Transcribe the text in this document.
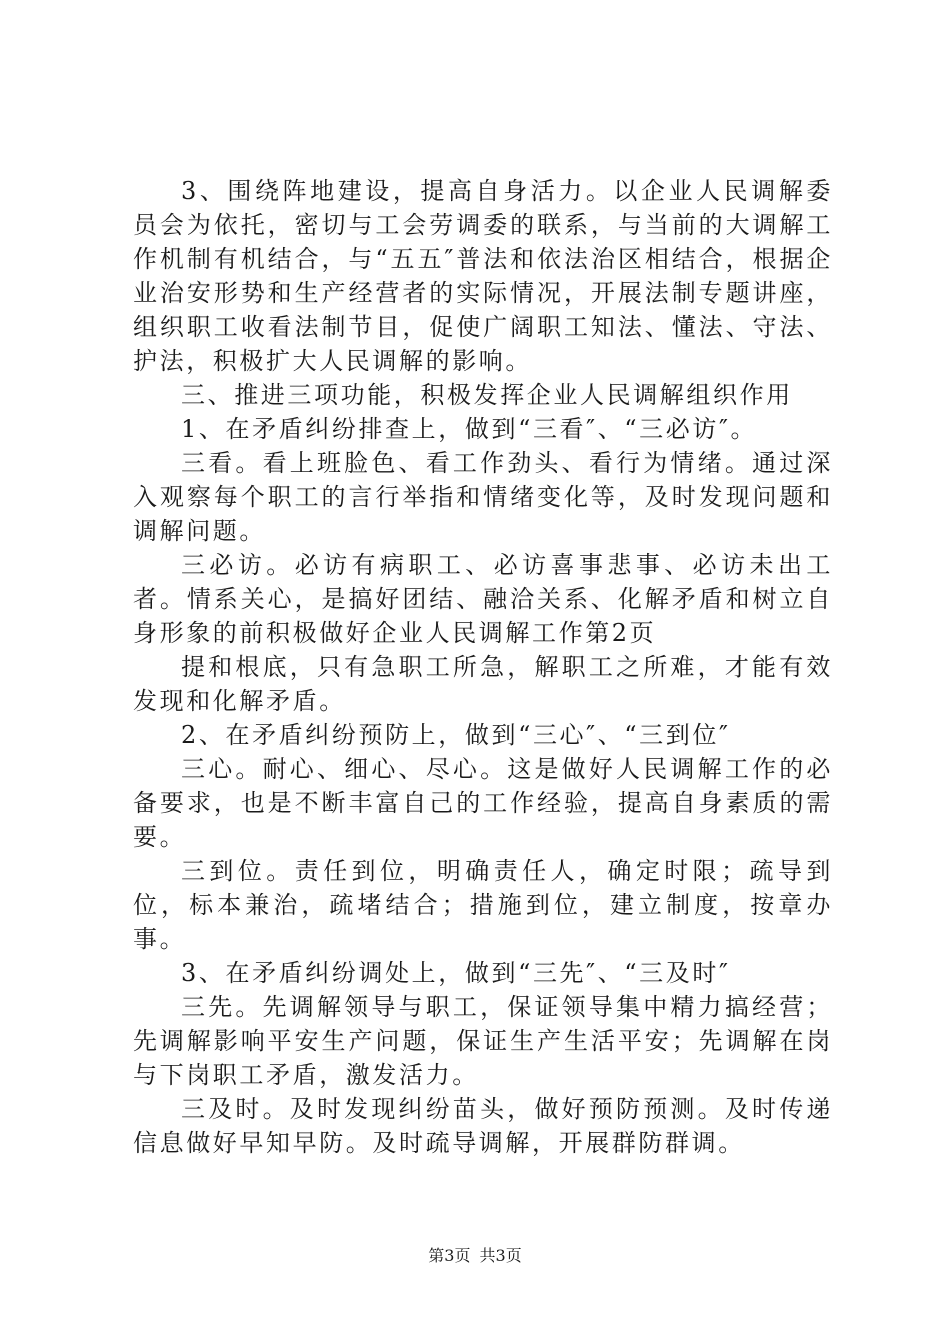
3、围绕阵地建设，提高自身活力。以企业人民调解委员会为依托，密切与工会劳调委的联系，与当前的大调解工作机制有机结合，与“五五″普法和依法治区相结合，根据企业治安形势和生产经营者的实际情况，开展法制专题讲座，组织职工收看法制节目，促使广阔职工知法、懂法、守法、护法，积极扩大人民调解的影响。

三、推进三项功能，积极发挥企业人民调解组织作用

1、在矛盾纠纷排查上，做到“三看″、“三必访″。

三看。看上班脸色、看工作劲头、看行为情绪。通过深入观察每个职工的言行举指和情绪变化等，及时发现问题和调解问题。

三必访。必访有病职工、必访喜事悲事、必访未出工者。情系关心，是搞好团结、融洽关系、化解矛盾和树立自身形象的前积极做好企业人民调解工作第2页

提和根底，只有急职工所急，解职工之所难，才能有效发现和化解矛盾。

2、在矛盾纠纷预防上，做到“三心″、“三到位″

三心。耐心、细心、尽心。这是做好人民调解工作的必备要求，也是不断丰富自己的工作经验，提高自身素质的需要。

三到位。责任到位，明确责任人，确定时限；疏导到位，标本兼治，疏堵结合；措施到位，建立制度，按章办事。

3、在矛盾纠纷调处上，做到“三先″、“三及时″

三先。先调解领导与职工，保证领导集中精力搞经营；先调解影响平安生产问题，保证生产生活平安；先调解在岗与下岗职工矛盾，激发活力。

三及时。及时发现纠纷苗头，做好预防预测。及时传递信息做好早知早防。及时疏导调解，开展群防群调。

第3页 共3页
